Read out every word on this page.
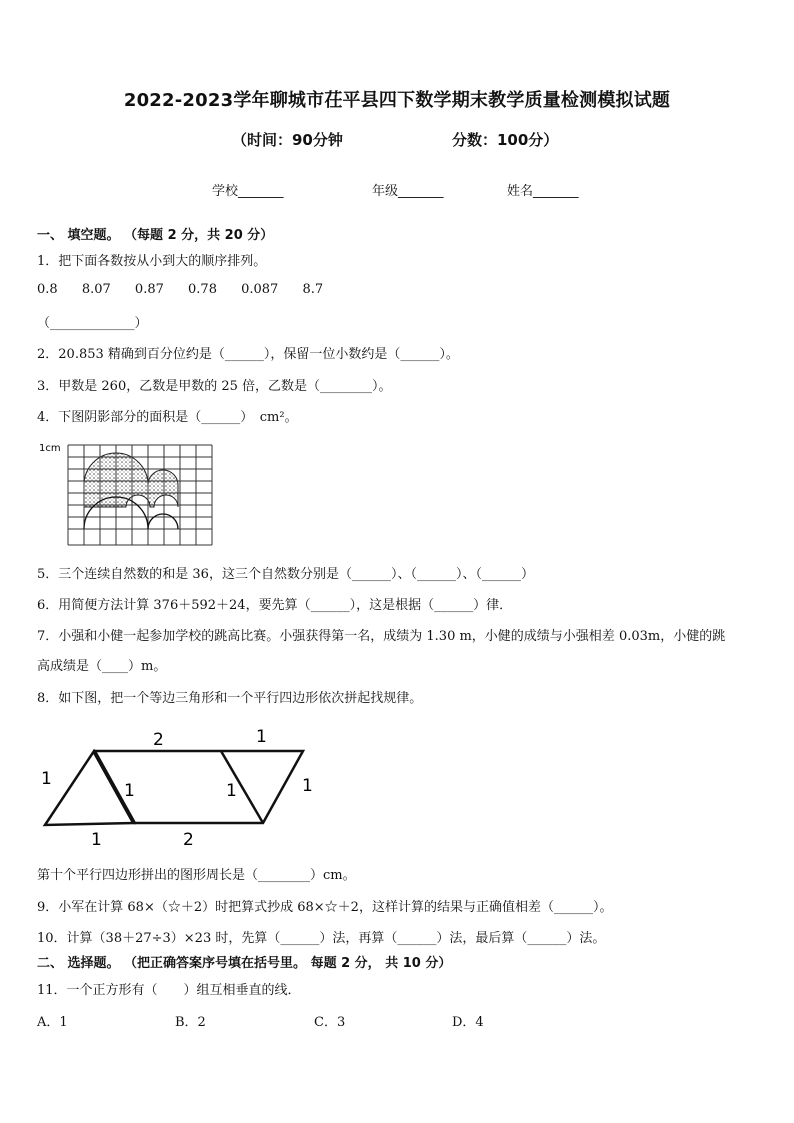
2022-2023学年聊城市茌平县四下数学期末教学质量检测模拟试题
（时间：90分钟	分数：100分）
学校_______	年级_______	姓名_______
一、 填空题。 （每题 2 分，共 20 分）
1．把下面各数按从小到大的顺序排列。
0.8 8.07 0.87 0.78 0.087 8.7
（_____________）
2．20.853 精确到百分位约是（______），保留一位小数约是（______）。
3．甲数是 260，乙数是甲数的 25 倍，乙数是（________）。
4．下图阴影部分的面积是（______）　cm²。
1cm
5．三个连续自然数的和是 36，这三个自然数分别是（______）、（______）、（______）
6．用简便方法计算 376＋592＋24，要先算（______），这是根据（______）律．
7．小强和小健一起参加学校的跳高比赛。小强获得第一名，成绩为 1.30 m，小健的成绩与小强相差 0.03m，小健的跳
高成绩是（____）m。
8．如下图，把一个等边三角形和一个平行四边形依次拼起找规律。
2	1
1
1	1	1
1	2
第十个平行四边形拼出的图形周长是（________）cm。
9．小军在计算 68×（☆＋2）时把算式抄成 68×☆＋2，这样计算的结果与正确值相差（______）。
10．计算（38＋27÷3）×23 时，先算（______）法，再算（______）法，最后算（______）法。
二、 选择题。 （把正确答案序号填在括号里。 每题 2 分， 共 10 分）
11．一个正方形有（　　）组互相垂直的线．
A．1	B．2	C．3	D．4
